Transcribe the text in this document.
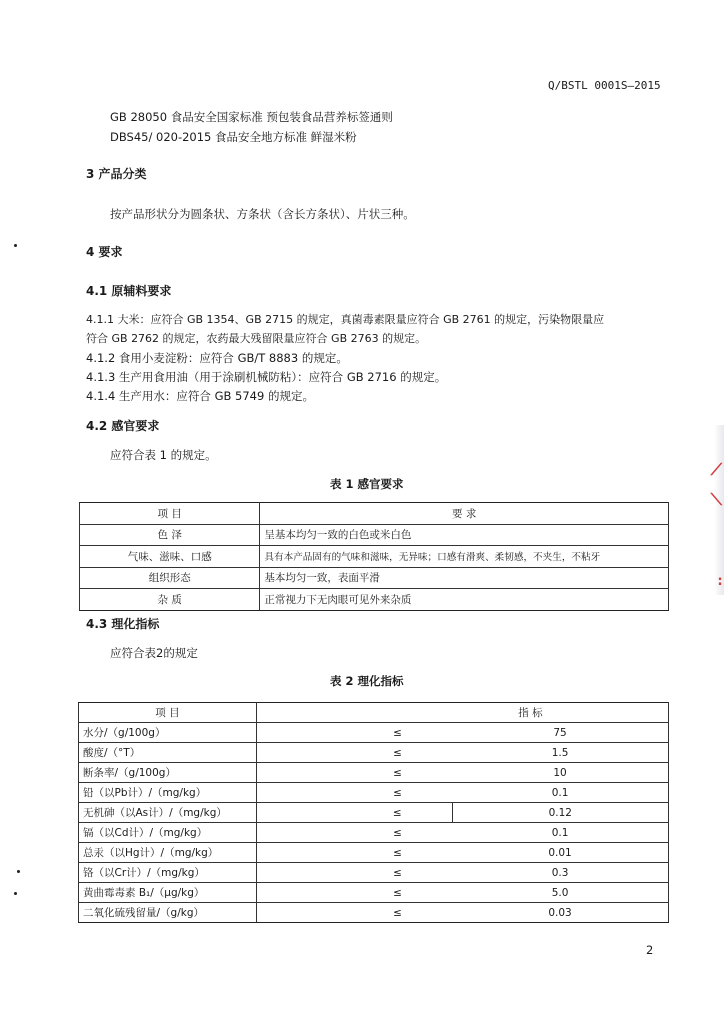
Q/BSTL 0001S—2015
GB 28050 食品安全国家标准 预包装食品营养标签通则
DBS45/ 020-2015 食品安全地方标准 鲜湿米粉
3 产品分类
按产品形状分为圆条状、方条状（含长方条状）、片状三种。
4 要求
4.1 原辅料要求
4.1.1 大米：应符合 GB 1354、GB 2715 的规定，真菌毒素限量应符合 GB 2761 的规定，污染物限量应
符合 GB 2762 的规定，农药最大残留限量应符合 GB 2763 的规定。
4.1.2 食用小麦淀粉：应符合 GB/T 8883 的规定。
4.1.3 生产用食用油（用于涂刷机械防粘）：应符合 GB 2716 的规定。
4.1.4 生产用水：应符合 GB 5749 的规定。
4.2 感官要求
应符合表 1 的规定。
表 1 感官要求
项 目	要 求
色 泽	呈基本均匀一致的白色或米白色
气味、滋味、口感	具有本产品固有的气味和滋味，无异味；口感有滑爽、柔韧感，不夹生，不粘牙
组织形态	基本均匀一致，表面平滑
杂 质	正常视力下无肉眼可见外来杂质
4.3 理化指标
应符合表2的规定
表 2 理化指标
项 目	指 标	
水分/（g/100g）	≤	75
酸度/（°T）	≤	1.5
断条率/（g/100g）	≤	10
铅（以Pb计）/（mg/kg）	≤	0.1
无机砷（以As计）/（mg/kg）	≤	0.12
镉（以Cd计）/（mg/kg）	≤	0.1
总汞（以Hg计）/（mg/kg）	≤	0.01
铬（以Cr计）/（mg/kg）	≤	0.3
黄曲霉毒素 B₁/（μg/kg）	≤	5.0
二氧化硫残留量/（g/kg）	≤	0.03
2
⟋
⟍
∶
